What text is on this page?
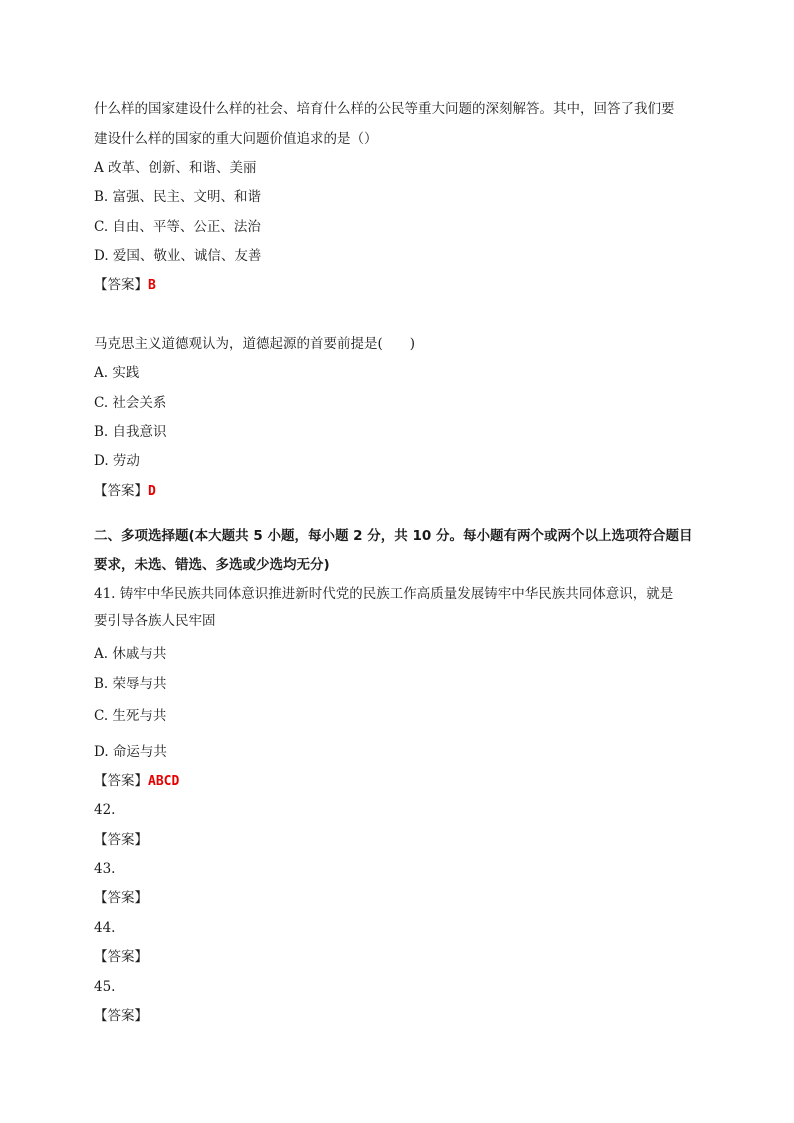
什么样的国家建设什么样的社会、培育什么样的公民等重大问题的深刻解答。其中，回答了我们要
建设什么样的国家的重大问题价值追求的是（）
A 改革、创新、和谐、美丽
B. 富强、民主、文明、和谐
C. 自由、平等、公正、法治
D. 爱国、敬业、诚信、友善
【答案】B
马克思主义道德观认为，道德起源的首要前提是(　　)
A. 实践
C. 社会关系
B. 自我意识
D. 劳动
【答案】D
二、多项选择题(本大题共 5 小题，每小题 2 分，共 10 分。每小题有两个或两个以上选项符合题目
要求，未选、错选、多选或少选均无分)
41. 铸牢中华民族共同体意识推进新时代党的民族工作高质量发展铸牢中华民族共同体意识，就是
要引导各族人民牢固
A. 休戚与共
B. 荣辱与共
C. 生死与共
D. 命运与共
【答案】ABCD
42.
【答案】
43.
【答案】
44.
【答案】
45.
【答案】
